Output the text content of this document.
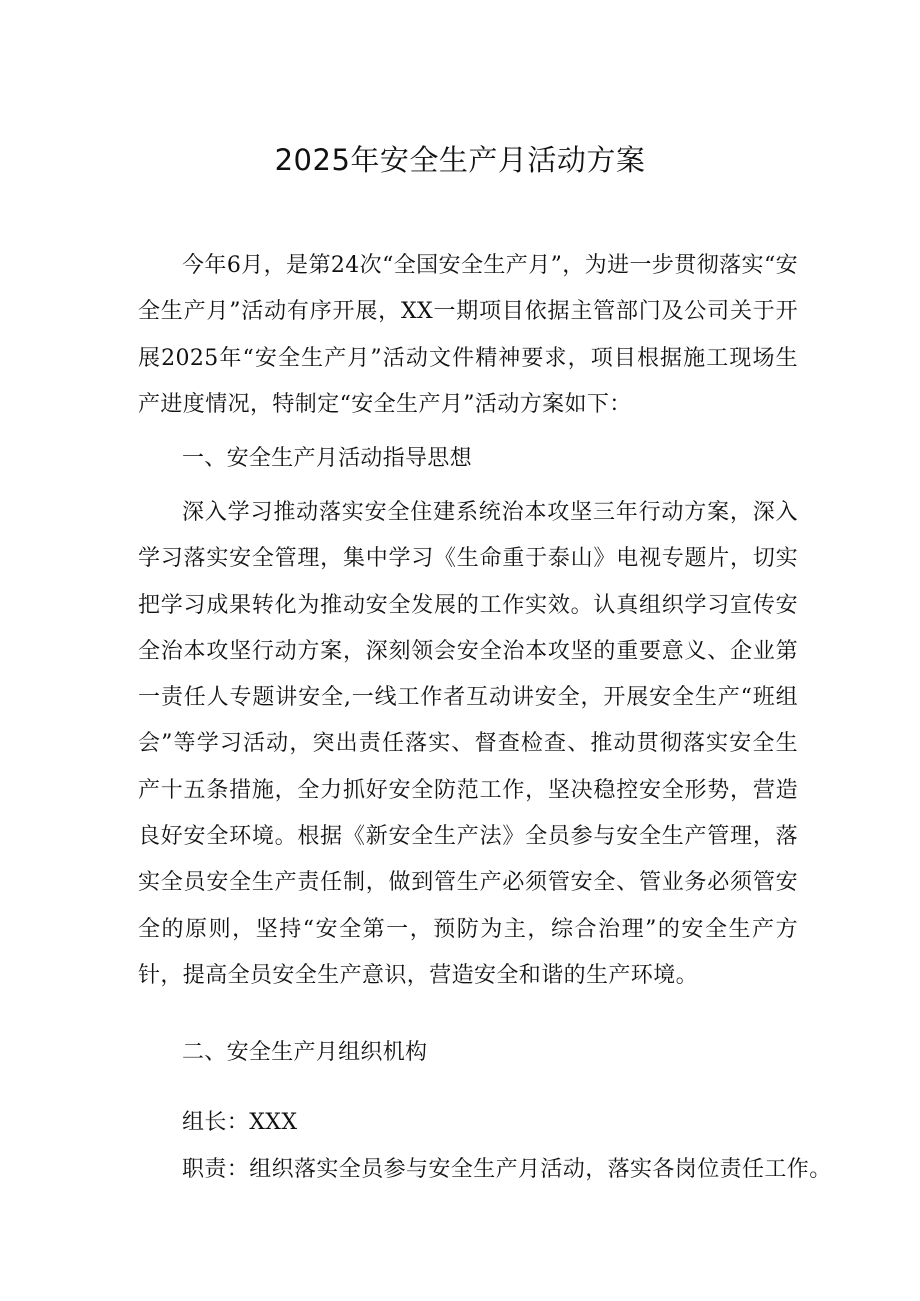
2025年安全生产月活动方案

今年6月，是第24次“全国安全生产月”，为进一步贯彻落实“安全生产月”活动有序开展，XX一期项目依据主管部门及公司关于开展2025年“安全生产月”活动文件精神要求，项目根据施工现场生产进度情况，特制定“安全生产月”活动方案如下：

一、安全生产月活动指导思想

深入学习推动落实安全住建系统治本攻坚三年行动方案，深入学习落实安全管理，集中学习《生命重于泰山》电视专题片，切实把学习成果转化为推动安全发展的工作实效。认真组织学习宣传安全治本攻坚行动方案，深刻领会安全治本攻坚的重要意义、企业第一责任人专题讲安全,一线工作者互动讲安全，开展安全生产“班组会”等学习活动，突出责任落实、督查检查、推动贯彻落实安全生产十五条措施，全力抓好安全防范工作，坚决稳控安全形势，营造良好安全环境。根据《新安全生产法》全员参与安全生产管理，落实全员安全生产责任制，做到管生产必须管安全、管业务必须管安全的原则，坚持“安全第一，预防为主，综合治理”的安全生产方针，提高全员安全生产意识，营造安全和谐的生产环境。

二、安全生产月组织机构

组长：XXX

职责：组织落实全员参与安全生产月活动，落实各岗位责任工作。
